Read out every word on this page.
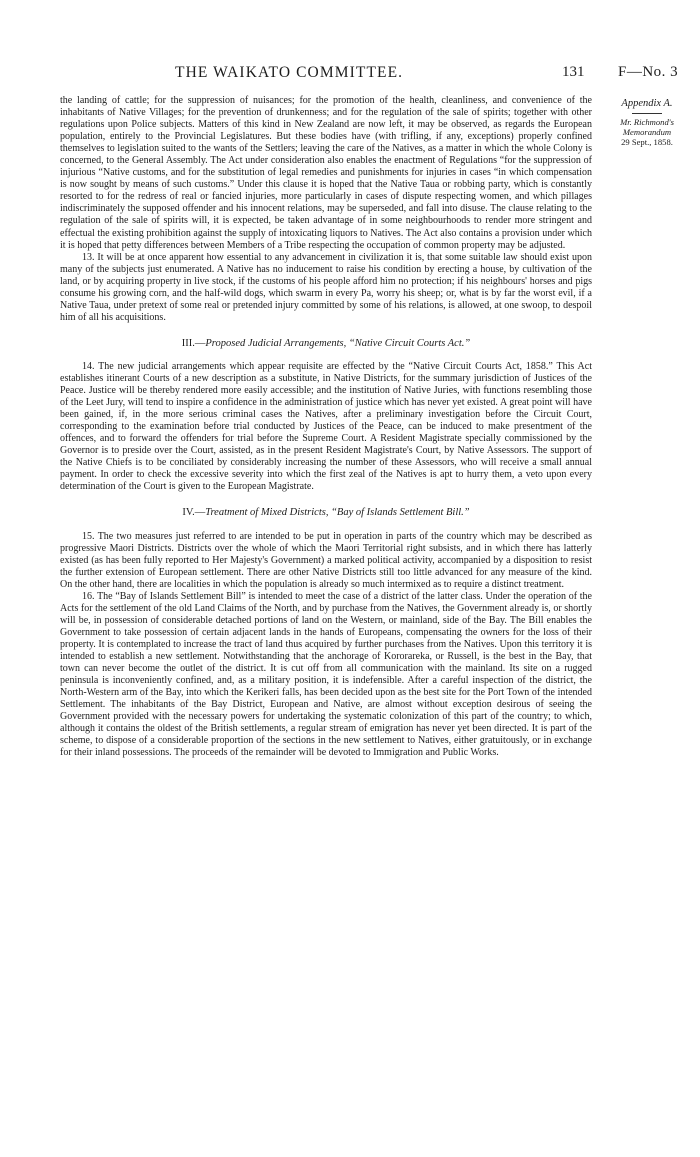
THE WAIKATO COMMITTEE.	131 F—No. 3
Appendix A.
Mr. Richmond's
Memorandum
29 Sept., 1858.

the landing of cattle; for the suppression of nuisances; for the promotion of the health, cleanliness, and convenience of the inhabitants of Native Villages; for the prevention of drunkenness; and for the regulation of the sale of spirits; together with other regulations upon Police subjects. Matters of this kind in New Zealand are now left, it may be observed, as regards the European population, entirely to the Provincial Legislatures. But these bodies have (with trifling, if any, exceptions) properly confined themselves to legislation suited to the wants of the Settlers; leaving the care of the Natives, as a matter in which the whole Colony is concerned, to the General Assembly. The Act under consideration also enables the enactment of Regulations “for the suppression of injurious “Native customs, and for the substitution of legal remedies and punishments for injuries in cases “in which compensation is now sought by means of such customs.” Under this clause it is hoped that the Native Taua or robbing party, which is constantly resorted to for the redress of real or fancied injuries, more particularly in cases of dispute respecting women, and which pillages indiscriminately the supposed offender and his innocent relations, may be superseded, and fall into disuse. The clause relating to the regulation of the sale of spirits will, it is expected, be taken advantage of in some neighbourhoods to render more stringent and effectual the existing prohibition against the supply of intoxicating liquors to Natives. The Act also contains a provision under which it is hoped that petty differences between Members of a Tribe respecting the occupation of common property may be adjusted.

13. It will be at once apparent how essential to any advancement in civilization it is, that some suitable law should exist upon many of the subjects just enumerated. A Native has no inducement to raise his condition by erecting a house, by cultivation of the land, or by acquiring property in live stock, if the customs of his people afford him no protection; if his neighbours' horses and pigs consume his growing corn, and the half-wild dogs, which swarm in every Pa, worry his sheep; or, what is by far the worst evil, if a Native Taua, under pretext of some real or pretended injury committed by some of his relations, is allowed, at one swoop, to despoil him of all his acquisitions.

III.—Proposed Judicial Arrangements, “Native Circuit Courts Act.”

14. The new judicial arrangements which appear requisite are effected by the “Native Circuit Courts Act, 1858.” This Act establishes itinerant Courts of a new description as a substitute, in Native Districts, for the summary jurisdiction of Justices of the Peace. Justice will be thereby rendered more easily accessible; and the institution of Native Juries, with functions resembling those of the Leet Jury, will tend to inspire a confidence in the administration of justice which has never yet existed. A great point will have been gained, if, in the more serious criminal cases the Natives, after a preliminary investigation before the Circuit Court, corresponding to the examination before trial conducted by Justices of the Peace, can be induced to make presentment of the offences, and to forward the offenders for trial before the Supreme Court. A Resident Magistrate specially commissioned by the Governor is to preside over the Court, assisted, as in the present Resident Magistrate's Court, by Native Assessors. The support of the Native Chiefs is to be conciliated by considerably increasing the number of these Assessors, who will receive a small annual payment. In order to check the excessive severity into which the first zeal of the Natives is apt to hurry them, a veto upon every determination of the Court is given to the European Magistrate.

IV.—Treatment of Mixed Districts, “Bay of Islands Settlement Bill.”

15. The two measures just referred to are intended to be put in operation in parts of the country which may be described as progressive Maori Districts. Districts over the whole of which the Maori Territorial right subsists, and in which there has latterly existed (as has been fully reported to Her Majesty's Government) a marked political activity, accompanied by a disposition to resist the further extension of European settlement. There are other Native Districts still too little advanced for any measure of the kind. On the other hand, there are localities in which the population is already so much intermixed as to require a distinct treatment.

16. The “Bay of Islands Settlement Bill” is intended to meet the case of a district of the latter class. Under the operation of the Acts for the settlement of the old Land Claims of the North, and by purchase from the Natives, the Government already is, or shortly will be, in possession of considerable detached portions of land on the Western, or mainland, side of the Bay. The Bill enables the Government to take possession of certain adjacent lands in the hands of Europeans, compensating the owners for the loss of their property. It is contemplated to increase the tract of land thus acquired by further purchases from the Natives. Upon this territory it is intended to establish a new settlement. Notwithstanding that the anchorage of Kororareka, or Russell, is the best in the Bay, that town can never become the outlet of the district. It is cut off from all communication with the mainland. Its site on a rugged peninsula is inconveniently confined, and, as a military position, it is indefensible. After a careful inspection of the district, the North-Western arm of the Bay, into which the Kerikeri falls, has been decided upon as the best site for the Port Town of the intended Settlement. The inhabitants of the Bay District, European and Native, are almost without exception desirous of seeing the Government provided with the necessary powers for undertaking the systematic colonization of this part of the country; to which, although it contains the oldest of the British settlements, a regular stream of emigration has never yet been directed. It is part of the scheme, to dispose of a considerable proportion of the sections in the new settlement to Natives, either gratuitously, or in exchange for their inland possessions. The proceeds of the remainder will be devoted to Immigration and Public Works.
